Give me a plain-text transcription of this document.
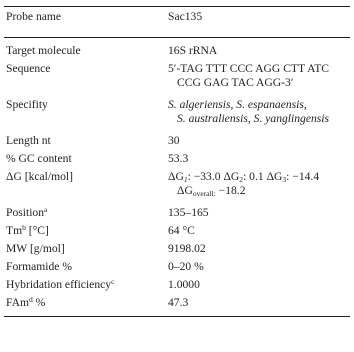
Probe name	Sac135
Target molecule	16S rRNA
Sequence	5′-TAG TTT CCC AGG CTT ATC
CCG GAG TAC AGG-3′
Specifity	S. algeriensis, S. espanaensis,
S. australiensis, S. yanglingensis
Length nt	30
% GC content	53.3
ΔG [kcal/mol]	$\Delta G_1$: −33.0 $\Delta G_2$: 0.1 $\Delta G_3$: −14.4
$\Delta G_{overall:} -18.2$
Position$^a$	135–165
Tm$^b$ [°C]	64 °C
MW [g/mol]	9198.02
Formamide %	0–20 %
Hybridation efficiency$^c$	1.0000
FAm$^d$ %	47.3
